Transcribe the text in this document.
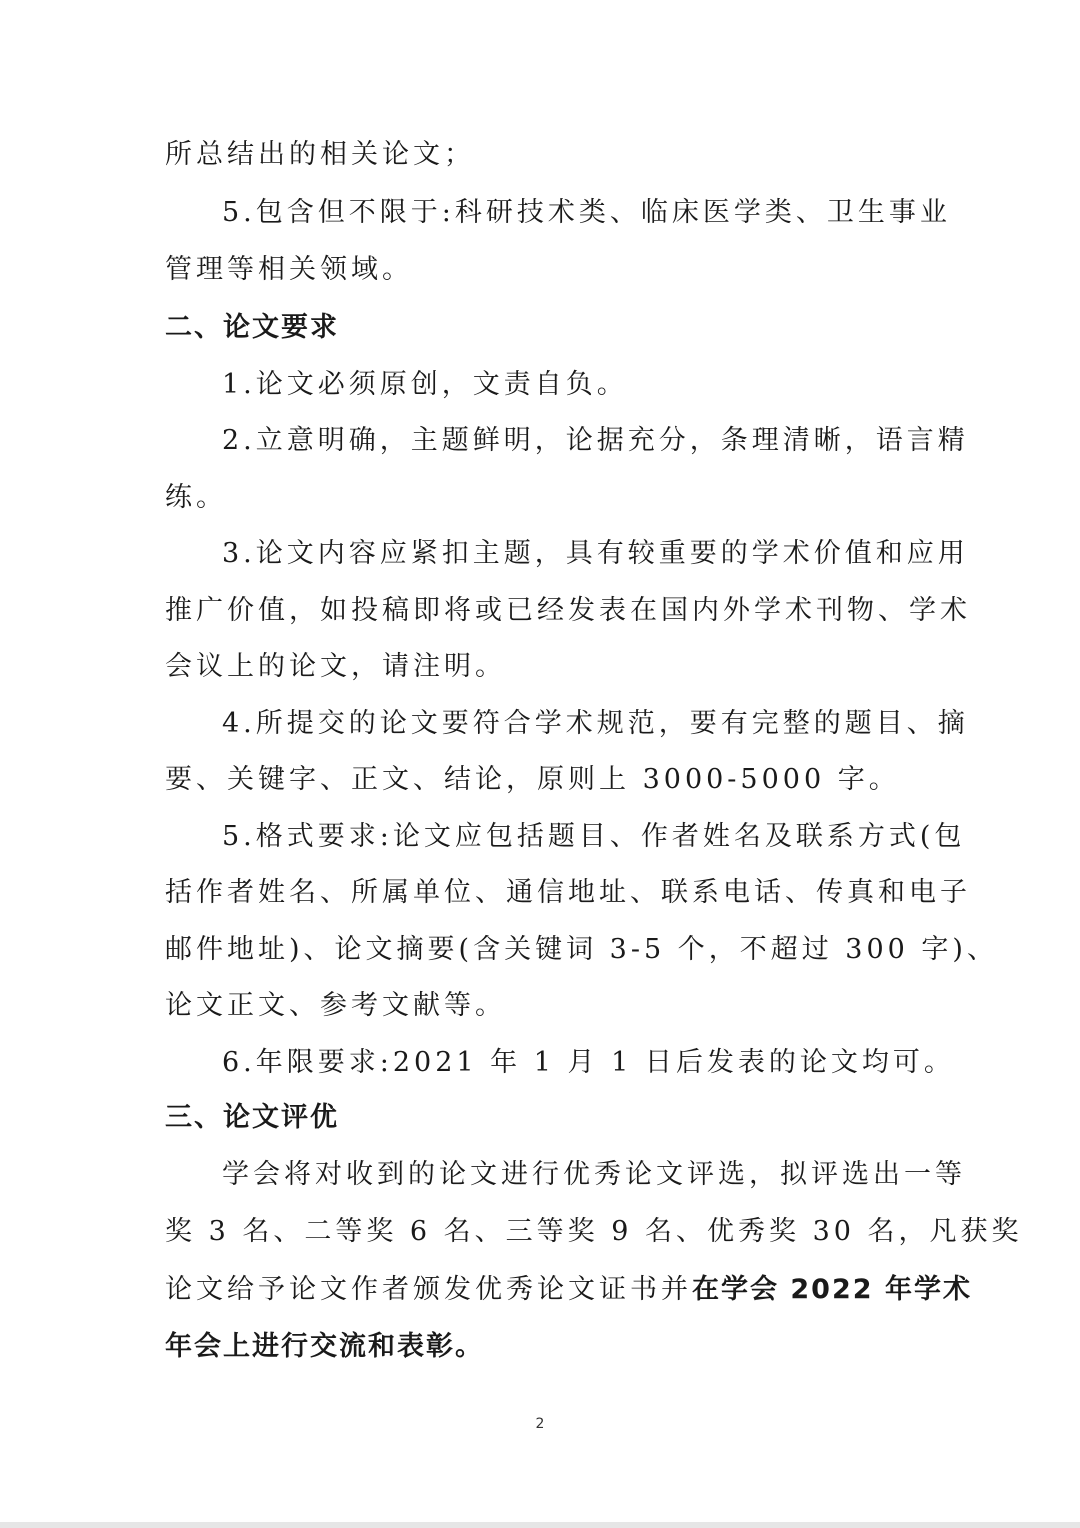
所总结出的相关论文；
5.包含但不限于:科研技术类、临床医学类、卫生事业
管理等相关领域。
二、论文要求
1.论文必须原创，文责自负。
2.立意明确，主题鲜明，论据充分，条理清晰，语言精
练。
3.论文内容应紧扣主题，具有较重要的学术价值和应用
推广价值，如投稿即将或已经发表在国内外学术刊物、学术
会议上的论文，请注明。
4.所提交的论文要符合学术规范，要有完整的题目、摘
要、关键字、正文、结论，原则上 3000-5000 字。
5.格式要求:论文应包括题目、作者姓名及联系方式(包
括作者姓名、所属单位、通信地址、联系电话、传真和电子
邮件地址)、论文摘要(含关键词 3-5 个，不超过 300 字)、
论文正文、参考文献等。
6.年限要求:2021 年 1 月 1 日后发表的论文均可。
三、论文评优
学会将对收到的论文进行优秀论文评选，拟评选出一等
奖 3 名、二等奖 6 名、三等奖 9 名、优秀奖 30 名，凡获奖
论文给予论文作者颁发优秀论文证书并在学会 2022 年学术
年会上进行交流和表彰。
2
